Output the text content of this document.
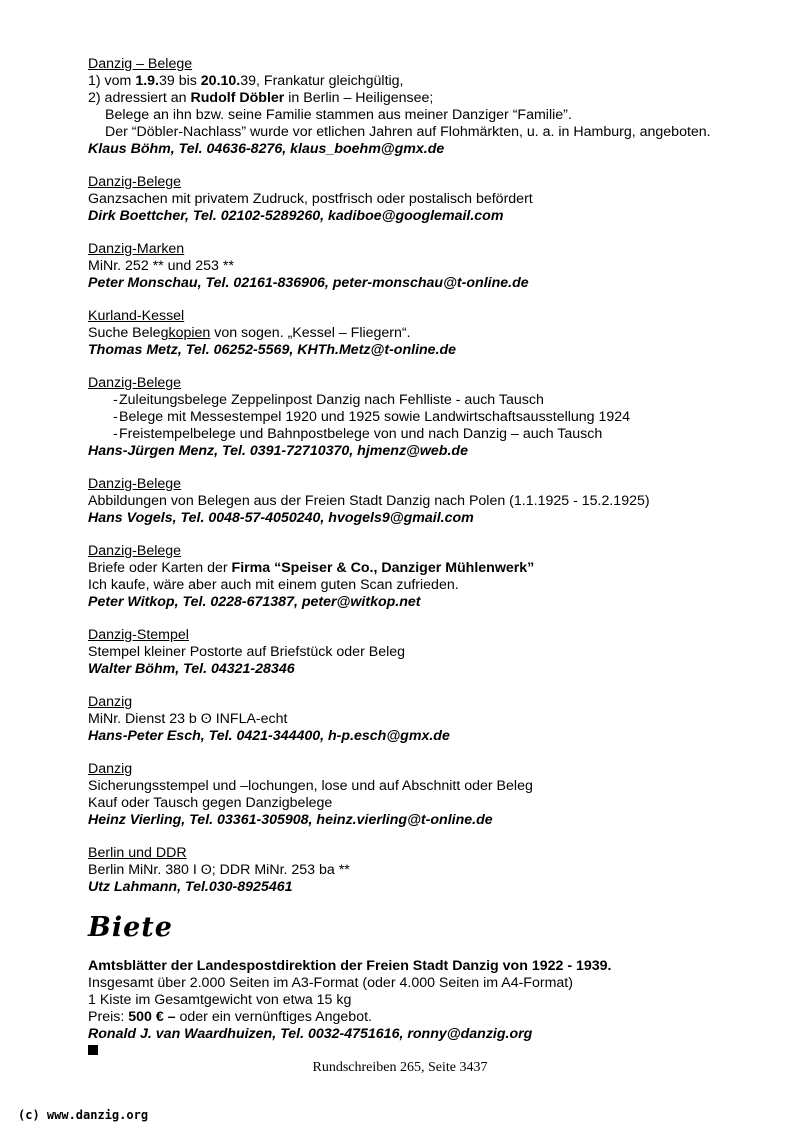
Danzig – Belege
1) vom 1.9.39 bis 20.10.39, Frankatur gleichgültig,
2) adressiert an Rudolf Döbler in Berlin – Heiligensee;
Belege an ihn bzw. seine Familie stammen aus meiner Danziger “Familie”.
Der “Döbler-Nachlass” wurde vor etlichen Jahren auf Flohmärkten, u. a. in Hamburg, angeboten.
Klaus Böhm, Tel. 04636-8276, klaus_boehm@gmx.de
Danzig-Belege
Ganzsachen mit privatem Zudruck, postfrisch oder postalisch befördert
Dirk Boettcher, Tel. 02102-5289260, kadiboe@googlemail.com
Danzig-Marken
MiNr. 252 ** und 253 **
Peter Monschau, Tel. 02161-836906, peter-monschau@t-online.de
Kurland-Kessel
Suche Belegkopien von sogen. „Kessel – Fliegern“.
Thomas Metz, Tel. 06252-5569, KHTh.Metz@t-online.de
Danzig-Belege
- Zuleitungsbelege Zeppelinpost Danzig nach Fehlliste - auch Tausch
- Belege mit Messestempel 1920 und 1925 sowie Landwirtschaftsausstellung 1924
- Freistempelbelege und Bahnpostbelege von und nach Danzig – auch Tausch
Hans-Jürgen Menz, Tel. 0391-72710370, hjmenz@web.de
Danzig-Belege
Abbildungen von Belegen aus der Freien Stadt Danzig nach Polen (1.1.1925 - 15.2.1925)
Hans Vogels, Tel. 0048-57-4050240, hvogels9@gmail.com
Danzig-Belege
Briefe oder Karten der Firma “Speiser & Co., Danziger Mühlenwerk”
Ich kaufe, wäre aber auch mit einem guten Scan zufrieden.
Peter Witkop, Tel. 0228-671387, peter@witkop.net
Danzig-Stempel
Stempel kleiner Postorte auf Briefstück oder Beleg
Walter Böhm, Tel. 04321-28346
Danzig
MiNr. Dienst 23 b ʘ INFLA-echt
Hans-Peter Esch, Tel. 0421-344400, h-p.esch@gmx.de
Danzig
Sicherungsstempel und –lochungen, lose und auf Abschnitt oder Beleg
Kauf oder Tausch gegen Danzigbelege
Heinz Vierling, Tel. 03361-305908, heinz.vierling@t-online.de
Berlin und DDR
Berlin MiNr. 380 I ʘ; DDR MiNr. 253 ba **
Utz Lahmann, Tel.030-8925461
Biete
Amtsblätter der Landespostdirektion der Freien Stadt Danzig von 1922 - 1939.
Insgesamt über 2.000 Seiten im A3-Format (oder 4.000 Seiten im A4-Format)
1 Kiste im Gesamtgewicht von etwa 15 kg
Preis: 500 € – oder ein vernünftiges Angebot.
Ronald J. van Waardhuizen, Tel. 0032-4751616, ronny@danzig.org
Rundschreiben 265, Seite 3437
(c) www.danzig.org
